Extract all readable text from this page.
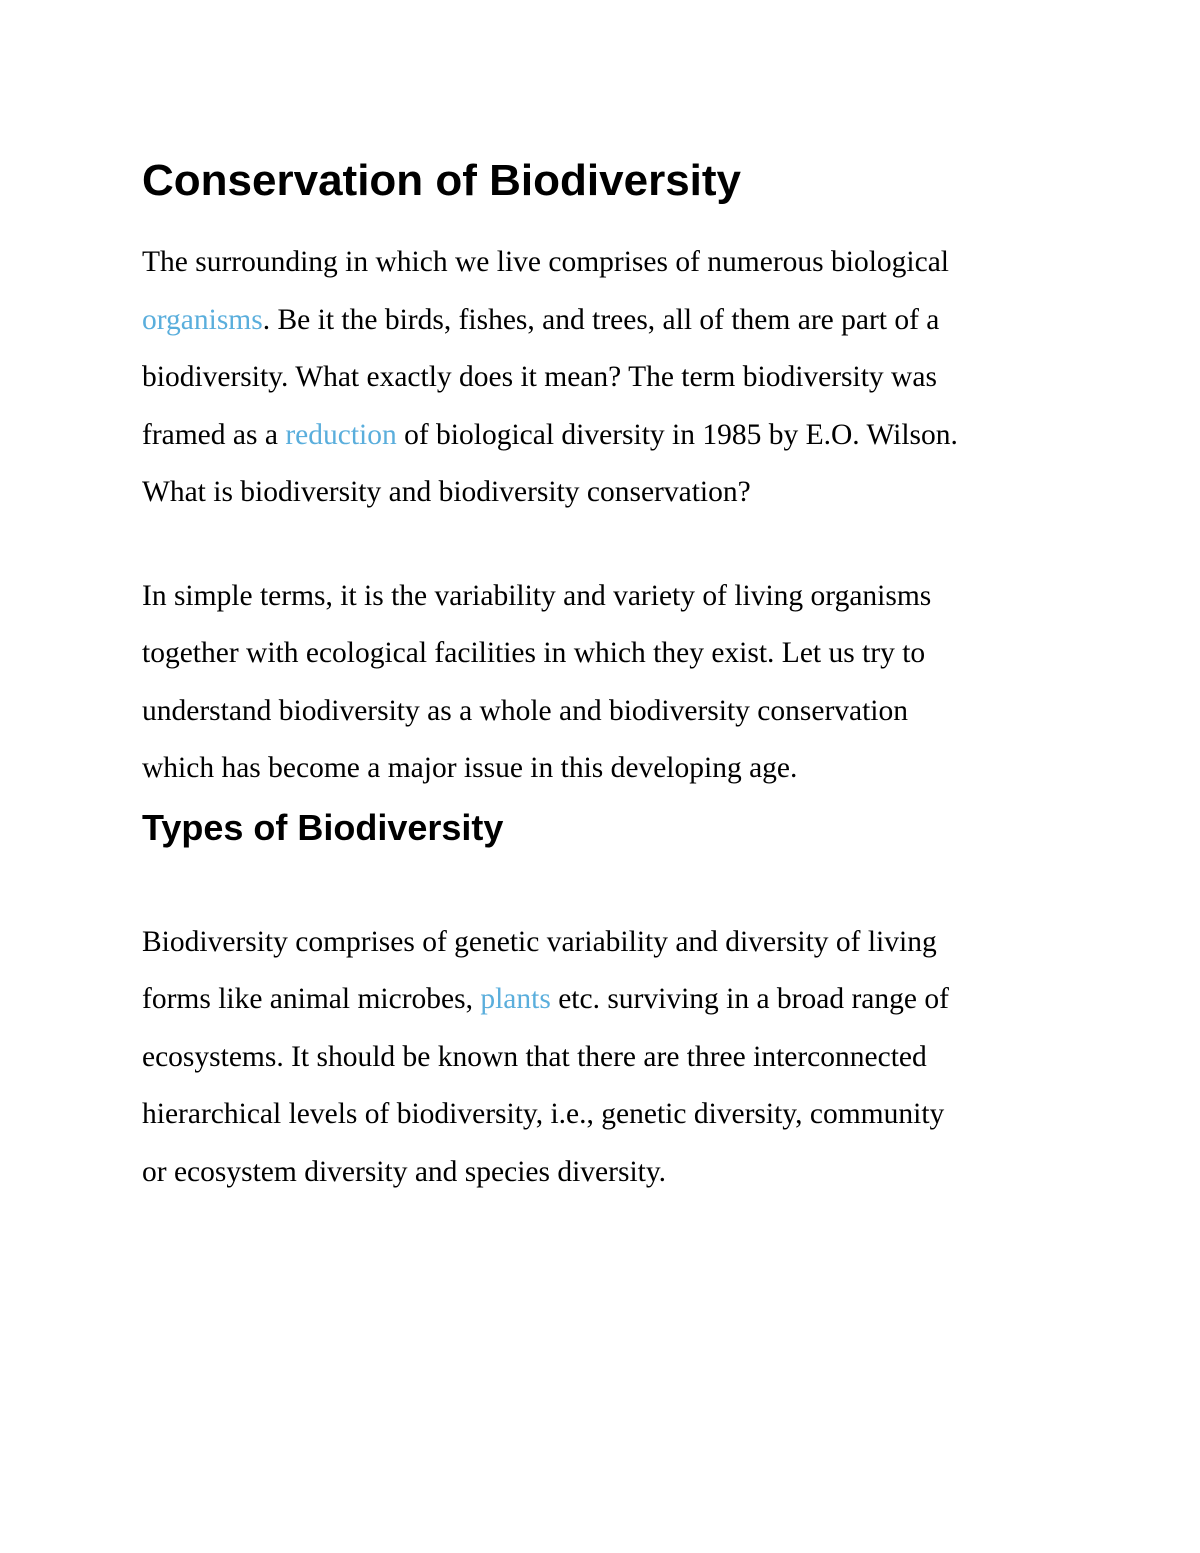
Conservation of Biodiversity
The surrounding in which we live comprises of numerous biological
organisms. Be it the birds, fishes, and trees, all of them are part of a
biodiversity. What exactly does it mean? The term biodiversity was
framed as a reduction of biological diversity in 1985 by E.O. Wilson.
What is biodiversity and biodiversity conservation?
In simple terms, it is the variability and variety of living organisms
together with ecological facilities in which they exist. Let us try to
understand biodiversity as a whole and biodiversity conservation
which has become a major issue in this developing age.
Types of Biodiversity
Biodiversity comprises of genetic variability and diversity of living
forms like animal microbes, plants etc. surviving in a broad range of
ecosystems. It should be known that there are three interconnected
hierarchical levels of biodiversity, i.e., genetic diversity, community
or ecosystem diversity and species diversity.
